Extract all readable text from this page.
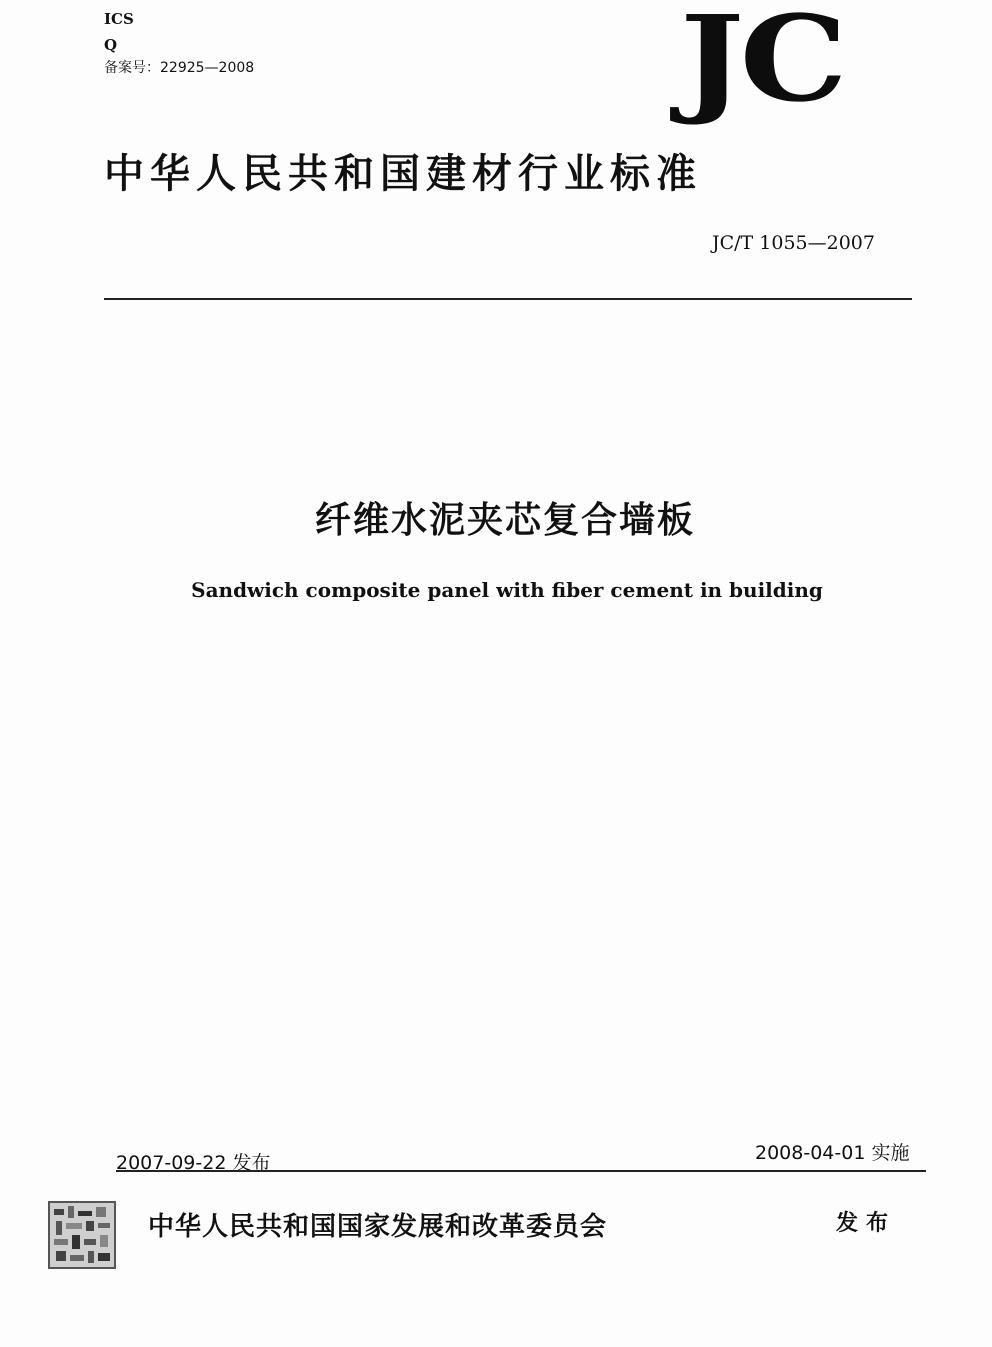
ICS
Q
备案号：22925—2008	JC
中华人民共和国建材行业标准
JC/T 1055—2007
纤维水泥夹芯复合墙板
Sandwich composite panel with fiber cement in building
2007-09-22 发布	2008-04-01 实施
中华人民共和国国家发展和改革委员会	发布
